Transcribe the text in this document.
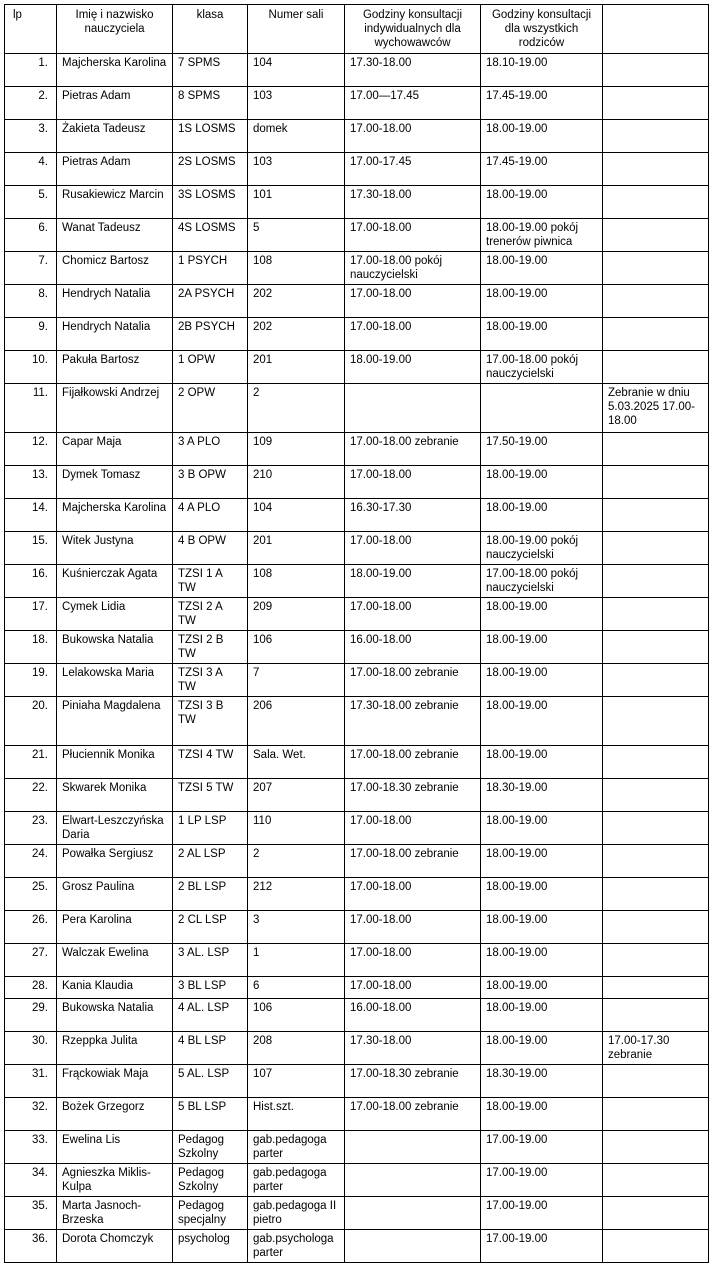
lp	Imię i nazwisko nauczyciela	klasa	Numer sali	Godziny konsultacji indywidualnych dla wychowawców	Godziny konsultacji dla wszystkich rodziców	
1.	Majcherska Karolina	7 SPMS	104	17.30-18.00	18.10-19.00	
2.	Pietras Adam	8 SPMS	103	17.00—17.45	17.45-19.00	
3.	Żakieta Tadeusz	1S LOSMS	domek	17.00-18.00	18.00-19.00	
4.	Pietras Adam	2S LOSMS	103	17.00-17.45	17.45-19.00	
5.	Rusakiewicz Marcin	3S LOSMS	101	17.30-18.00	18.00-19.00	
6.	Wanat Tadeusz	4S LOSMS	5	17.00-18.00	18.00-19.00 pokój trenerów piwnica	
7.	Chomicz Bartosz	1 PSYCH	108	17.00-18.00 pokój nauczycielski	18.00-19.00	
8.	Hendrych Natalia	2A PSYCH	202	17.00-18.00	18.00-19.00	
9.	Hendrych Natalia	2B PSYCH	202	17.00-18.00	18.00-19.00	
10.	Pakuła Bartosz	1 OPW	201	18.00-19.00	17.00-18.00 pokój nauczycielski	
11.	Fijałkowski Andrzej	2 OPW	2			Zebranie w dniu 5.03.2025 17.00-18.00
12.	Capar Maja	3 A PLO	109	17.00-18.00 zebranie	17.50-19.00	
13.	Dymek Tomasz	3 B OPW	210	17.00-18.00	18.00-19.00	
14.	Majcherska Karolina	4 A PLO	104	16.30-17.30	18.00-19.00	
15.	Witek Justyna	4 B OPW	201	17.00-18.00	18.00-19.00 pokój nauczycielski	
16.	Kuśnierczak Agata	TZSI 1 A TW	108	18.00-19.00	17.00-18.00 pokój nauczycielski	
17.	Cymek Lidia	TZSI 2 A TW	209	17.00-18.00	18.00-19.00	
18.	Bukowska Natalia	TZSI 2 B TW	106	16.00-18.00	18.00-19.00	
19.	Lelakowska Maria	TZSI 3 A TW	7	17.00-18.00 zebranie	18.00-19.00	
20.	Piniaha Magdalena	TZSI 3 B TW	206	17.30-18.00 zebranie	18.00-19.00	
21.	Płuciennik Monika	TZSI 4 TW	Sala. Wet.	17.00-18.00 zebranie	18.00-19.00	
22.	Skwarek Monika	TZSI 5 TW	207	17.00-18.30 zebranie	18.30-19.00	
23.	Elwart-Leszczyńska Daria	1 LP LSP	110	17.00-18.00	18.00-19.00	
24.	Powałka Sergiusz	2 AL LSP	2	17.00-18.00 zebranie	18.00-19.00	
25.	Grosz Paulina	2 BL LSP	212	17.00-18.00	18.00-19.00	
26.	Pera Karolina	2 CL LSP	3	17.00-18.00	18.00-19.00	
27.	Walczak Ewelina	3 AL. LSP	1	17.00-18.00	18.00-19.00	
28.	Kania Klaudia	3 BL LSP	6	17.00-18.00	18.00-19.00	
29.	Bukowska Natalia	4 AL. LSP	106	16.00-18.00	18.00-19.00	
30.	Rzeppka Julita	4 BL LSP	208	17.30-18.00	18.00-19.00	17.00-17.30 zebranie
31.	Frąckowiak Maja	5 AL. LSP	107	17.00-18.30 zebranie	18.30-19.00	
32.	Bożek Grzegorz	5 BL LSP	Hist.szt.	17.00-18.00 zebranie	18.00-19.00	
33.	Ewelina Lis	Pedagog Szkolny	gab.pedagoga parter		17.00-19.00	
34.	Agnieszka Miklis-Kulpa	Pedagog Szkolny	gab.pedagoga parter		17.00-19.00	
35.	Marta Jasnoch-Brzeska	Pedagog specjalny	gab.pedagoga II pietro		17.00-19.00	
36.	Dorota Chomczyk	psycholog	gab.psychologa parter		17.00-19.00	
